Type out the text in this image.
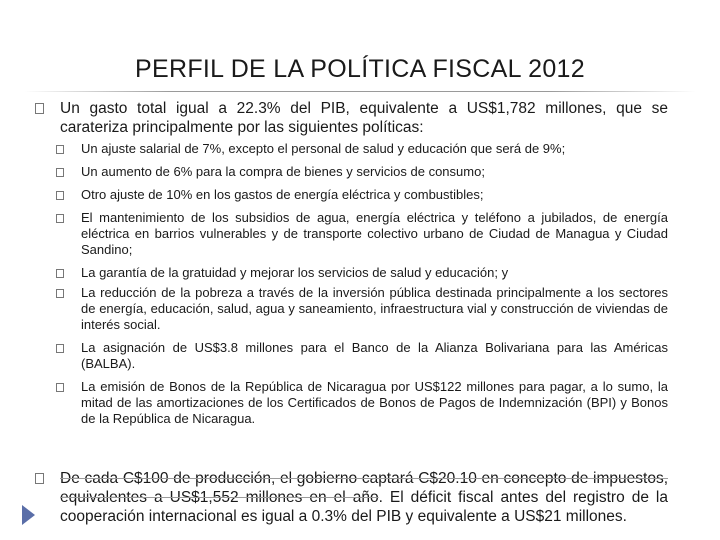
PERFIL DE LA POLÍTICA FISCAL 2012
Un gasto total igual a 22.3% del PIB, equivalente a US$1,782 millones, que se carateriza principalmente por las siguientes políticas:
Un ajuste salarial de 7%, excepto el personal de salud y educación que será de 9%;
Un aumento de 6% para la compra de bienes y servicios de consumo;
Otro ajuste de 10% en los gastos de energía eléctrica y combustibles;
El mantenimiento de los subsidios de agua, energía eléctrica y teléfono a jubilados, de energía eléctrica en barrios vulnerables y de transporte colectivo urbano de Ciudad de Managua y Ciudad Sandino;
La garantía de la gratuidad y mejorar los servicios de salud y educación; y
La reducción de la pobreza a través de la inversión pública destinada principalmente a los sectores de energía, educación, salud, agua y saneamiento, infraestructura vial y construcción de viviendas de interés social.
La asignación de US$3.8 millones para el Banco de la Alianza Bolivariana para las Américas (BALBA).
La emisión de Bonos de la República de Nicaragua por US$122 millones para pagar, a lo sumo, la mitad de las amortizaciones de los Certificados de Bonos de Pagos de Indemnización (BPI) y Bonos de la República de Nicaragua.
De cada C$100 de producción, el gobierno captará C$20.10 en concepto de impuestos, equivalentes a US$1,552 millones en el año. El déficit fiscal antes del registro de la cooperación internacional es igual a 0.3% del PIB y equivalente a US$21 millones.
